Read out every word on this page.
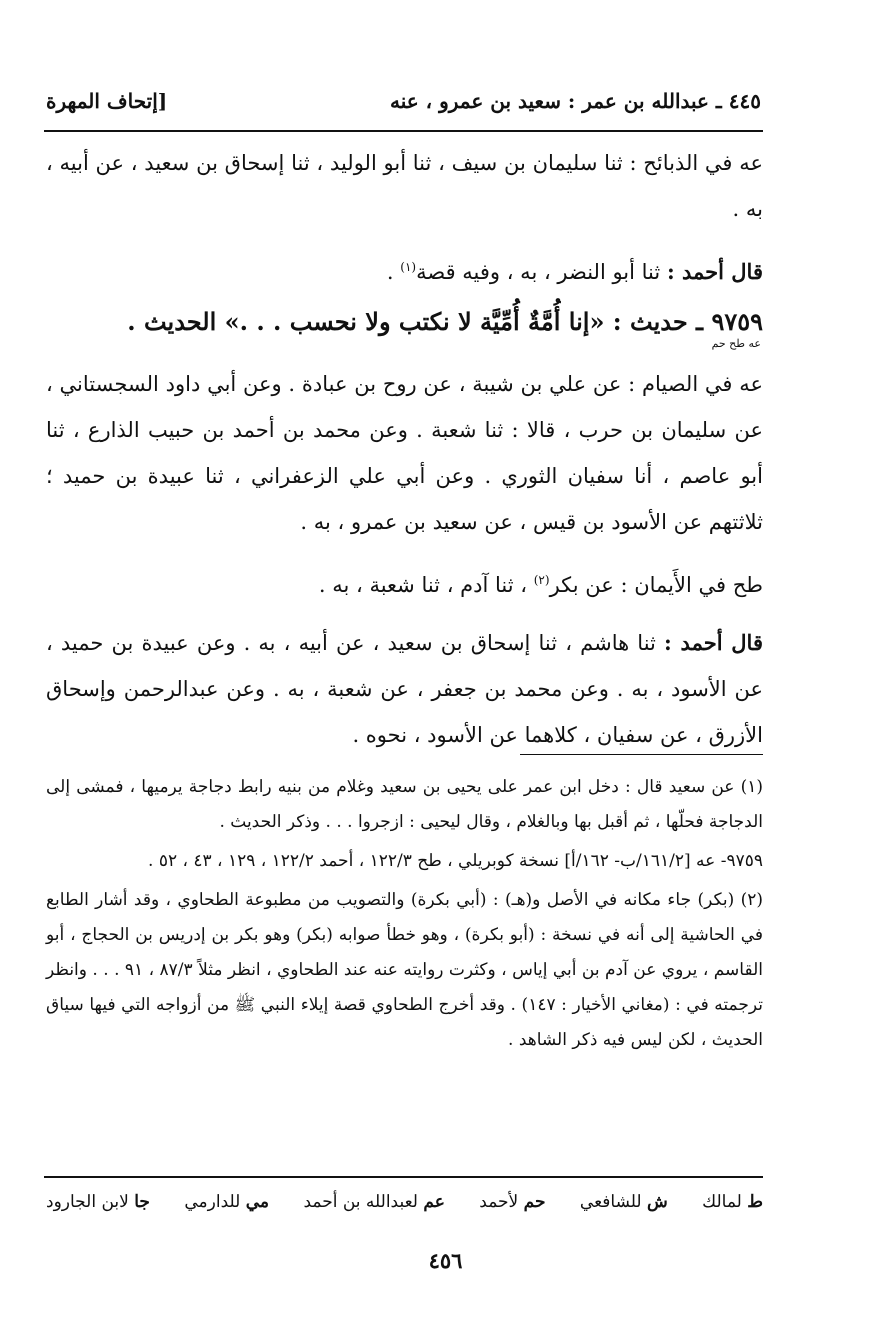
٤٤٥ ـ عبدالله بن عمر : سعيد بن عمرو ، عنه
[إتحاف المهرة

عه في الذبائح : ثنا سليمان بن سيف ، ثنا أبو الوليد ، ثنا إسحاق بن سعيد ، عن أبيه ، به .

قال أحمد : ثنا أبو النضر ، به ، وفيه قصة$^{(١)}$ .

٩٧٥٩ ـ حديث : «إنا أُمَّةٌ أُمِّيَّة لا نكتب ولا نحسب . . .» الحديث .
عه طح حم

عه في الصيام : عن علي بن شيبة ، عن روح بن عبادة . وعن أبي داود السجستاني ، عن سليمان بن حرب ، قالا : ثنا شعبة . وعن محمد بن أحمد بن حبيب الذارع ، ثنا أبو عاصم ، أنا سفيان الثوري . وعن أبي علي الزعفراني ، ثنا عبيدة بن حميد ؛ ثلاثتهم عن الأسود بن قيس ، عن سعيد بن عمرو ، به .

طح في الأَيمان : عن بكر$^{(٢)}$ ، ثنا آدم ، ثنا شعبة ، به .

قال أحمد : ثنا هاشم ، ثنا إسحاق بن سعيد ، عن أبيه ، به . وعن عبيدة بن حميد ، عن الأسود ، به . وعن محمد بن جعفر ، عن شعبة ، به . وعن عبدالرحمن وإسحاق الأزرق ، عن سفيان ، كلاهما عن الأسود ، نحوه .

(١) عن سعيد قال : دخل ابن عمر على يحيى بن سعيد وغلام من بنيه رابط دجاجة يرميها ، فمشى إلى الدجاجة فحلّها ، ثم أقبل بها وبالغلام ، وقال ليحيى : ازجروا . . . وذكر الحديث .

٩٧٥٩- عه [١٦١/٢/ب- ١٦٢/أ] نسخة كوبريلي ، طح ١٢٢/٣ ، أحمد ١٢٢/٢ ، ١٢٩ ، ٤٣ ، ٥٢ .

(٢) (بكر) جاء مكانه في الأصل و(هـ) : (أبي بكرة) والتصويب من مطبوعة الطحاوي ، وقد أشار الطابع في الحاشية إلى أنه في نسخة : (أبو بكرة) ، وهو خطأ صوابه (بكر) وهو بكر بن إدريس بن الحجاج ، أبو القاسم ، يروي عن آدم بن أبي إياس ، وكثرت روايته عنه عند الطحاوي ، انظر مثلاً ٨٧/٣ ، ٩١ . . . وانظر ترجمته في : (مغاني الأخيار : ١٤٧) . وقد أخرج الطحاوي قصة إيلاء النبي ﷺ من أزواجه التي فيها سياق الحديث ، لكن ليس فيه ذكر الشاهد .

ط لمالك
ش للشافعي
حم لأحمد
عم لعبدالله بن أحمد
مي للدارمي
جا لابن الجارود
٤٥٦
